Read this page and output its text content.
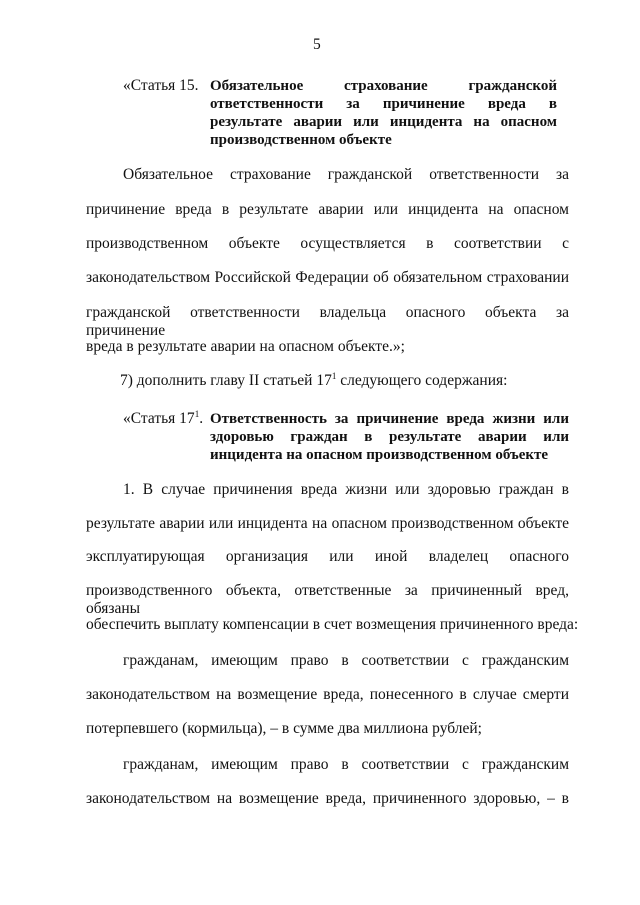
5
«Статья 15. Обязательное страхование гражданской
ответственности за причинение вреда в
результате аварии или инцидента на опасном
производственном объекте
Обязательное страхование гражданской ответственности за
причинение вреда в результате аварии или инцидента на опасном
производственном объекте осуществляется в соответствии с
законодательством Российской Федерации об обязательном страховании
гражданской ответственности владельца опасного объекта за причинение
вреда в результате аварии на опасном объекте.»;
7) дополнить главу II статьей $17^1$ следующего содержания:
«Статья $17^1$. Ответственность за причинение вреда жизни или
здоровью граждан в результате аварии или
инцидента на опасном производственном объекте
1. В случае причинения вреда жизни или здоровью граждан в
результате аварии или инцидента на опасном производственном объекте
эксплуатирующая организация или иной владелец опасного
производственного объекта, ответственные за причиненный вред, обязаны
обеспечить выплату компенсации в счет возмещения причиненного вреда:
гражданам, имеющим право в соответствии с гражданским
законодательством на возмещение вреда, понесенного в случае смерти
потерпевшего (кормильца), – в сумме два миллиона рублей;
гражданам, имеющим право в соответствии с гражданским
законодательством на возмещение вреда, причиненного здоровью, – в
